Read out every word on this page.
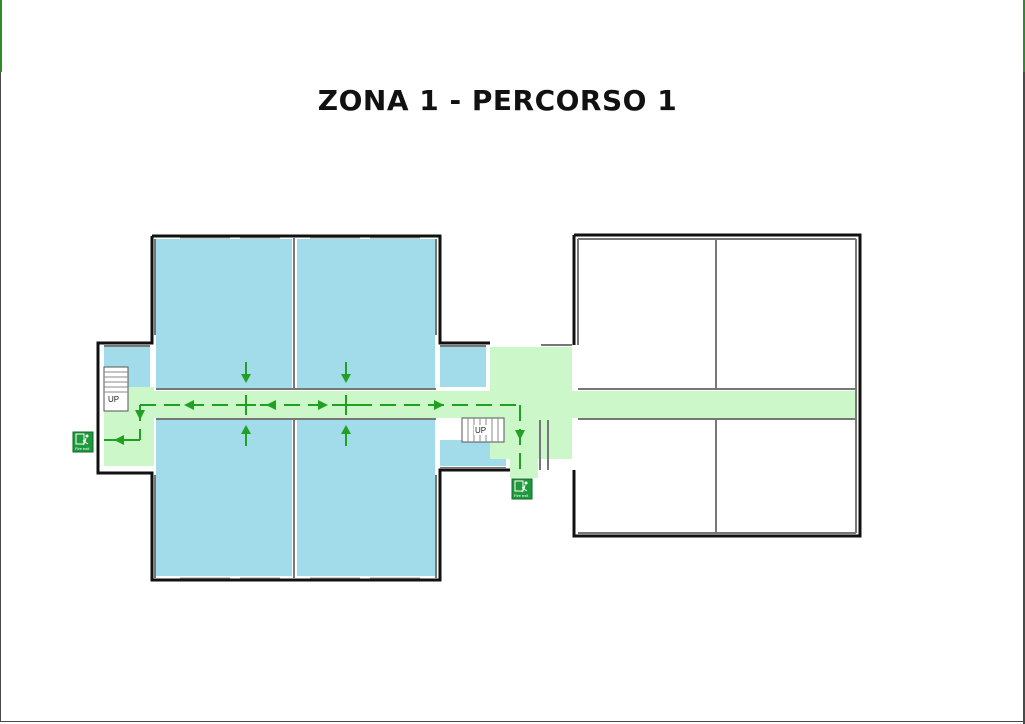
ZONA 1 - PERCORSO 1
UP
UP
Fire exit
Fire exit
